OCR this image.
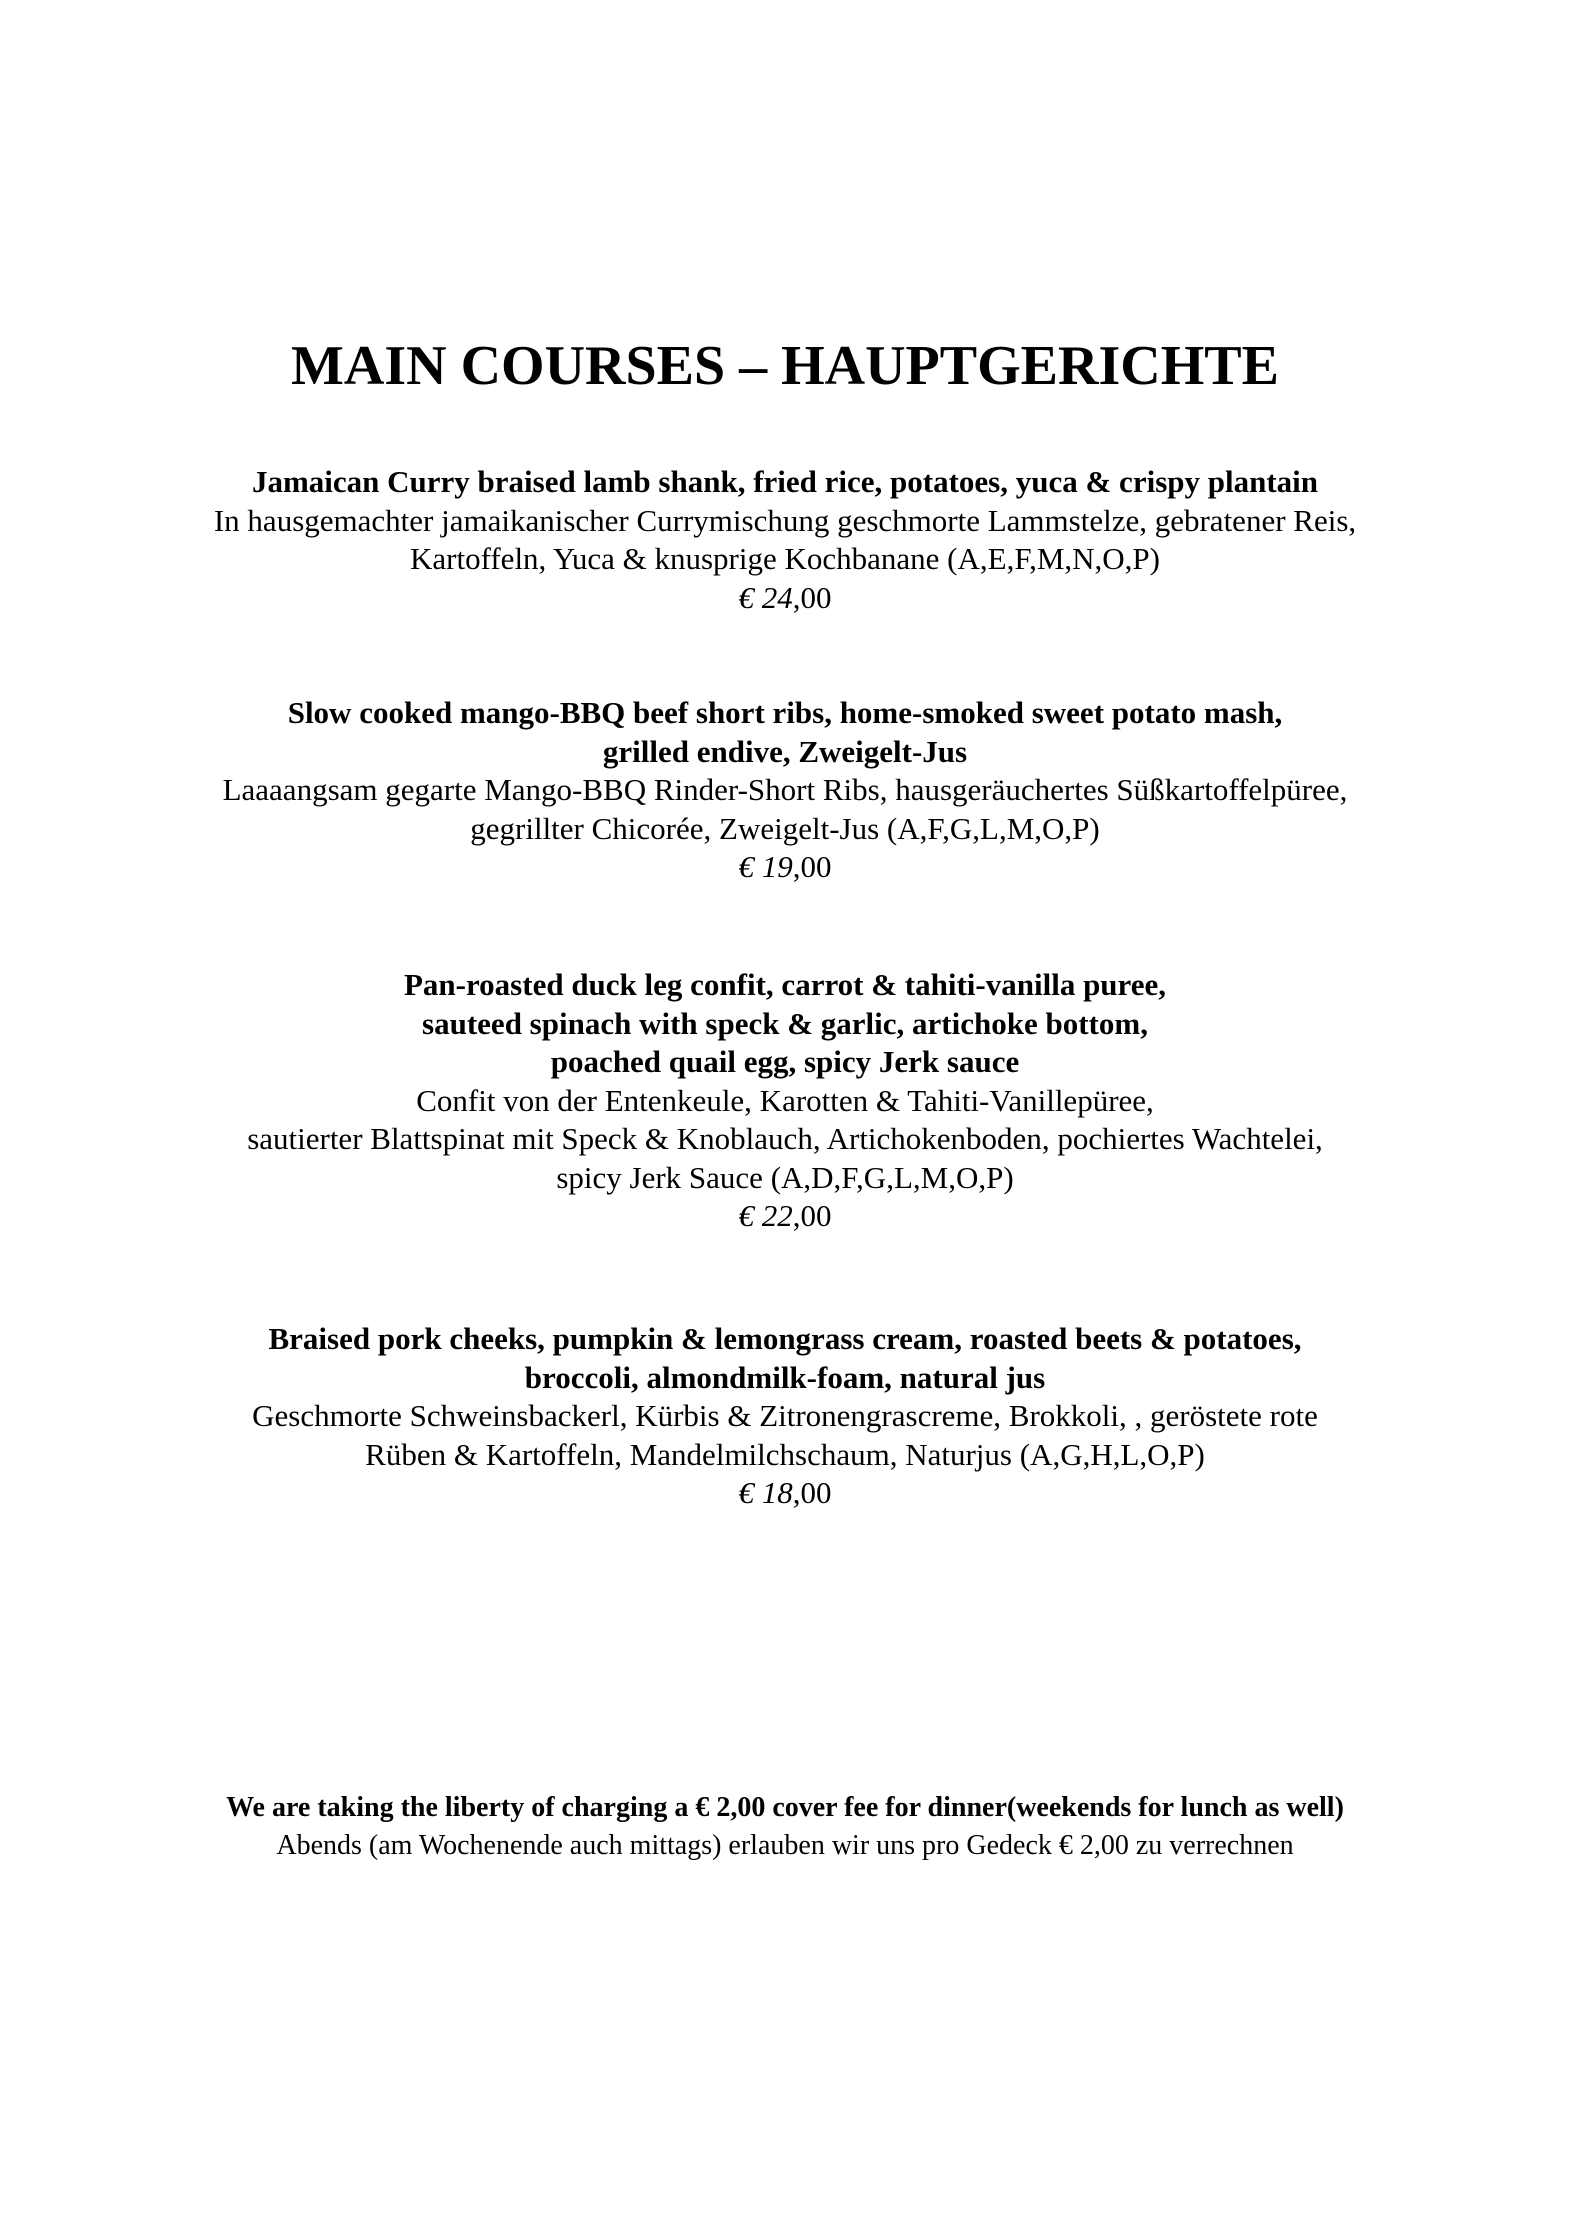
MAIN COURSES – HAUPTGERICHTE
Jamaican Curry braised lamb shank, fried rice, potatoes, yuca & crispy plantain
In hausgemachter jamaikanischer Currymischung geschmorte Lammstelze, gebratener Reis,
Kartoffeln, Yuca & knusprige Kochbanane (A,E,F,M,N,O,P)
€ 24,00
Slow cooked mango-BBQ beef short ribs, home-smoked sweet potato mash,
grilled endive, Zweigelt-Jus
Laaaangsam gegarte Mango-BBQ Rinder-Short Ribs, hausgeräuchertes Süßkartoffelpüree,
gegrillter Chicorée, Zweigelt-Jus (A,F,G,L,M,O,P)
€ 19,00
Pan-roasted duck leg confit, carrot & tahiti-vanilla puree,
sauteed spinach with speck & garlic, artichoke bottom,
poached quail egg, spicy Jerk sauce
Confit von der Entenkeule, Karotten & Tahiti-Vanillepüree,
sautierter Blattspinat mit Speck & Knoblauch, Artichokenboden, pochiertes Wachtelei,
spicy Jerk Sauce (A,D,F,G,L,M,O,P)
€ 22,00
Braised pork cheeks, pumpkin & lemongrass cream, roasted beets & potatoes,
broccoli, almondmilk-foam, natural jus
Geschmorte Schweinsbackerl, Kürbis & Zitronengrascreme, Brokkoli, , geröstete rote
Rüben & Kartoffeln, Mandelmilchschaum, Naturjus (A,G,H,L,O,P)
€ 18,00
We are taking the liberty of charging a € 2,00 cover fee for dinner(weekends for lunch as well)
Abends (am Wochenende auch mittags) erlauben wir uns pro Gedeck € 2,00 zu verrechnen
